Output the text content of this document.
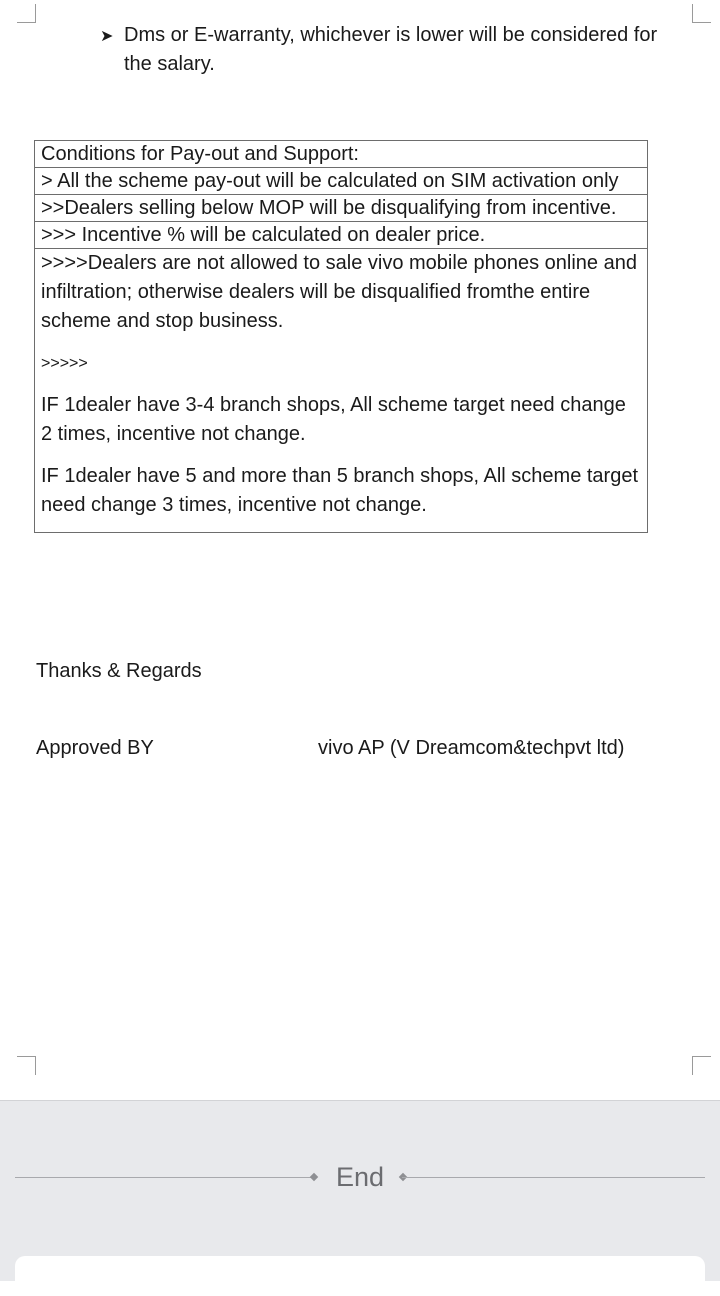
➤ Dms or E-warranty, whichever is lower will be considered for the salary.
Conditions for Pay-out and Support:
> All the scheme pay-out will be calculated on SIM activation only
>>Dealers selling below MOP will be disqualifying from incentive.
>>> Incentive % will be calculated on dealer price.

>>>>Dealers are not allowed to sale vivo mobile phones online and infiltration; otherwise dealers will be disqualified fromthe entire scheme and stop business.

>>>>>

IF 1dealer have 3-4 branch shops, All scheme target need change 2 times, incentive not change.

IF 1dealer have 5 and more than 5 branch shops, All scheme target need change 3 times, incentive not change.

Thanks & Regards
Approved BY	vivo AP (V Dreamcom&techpvt ltd)
End
